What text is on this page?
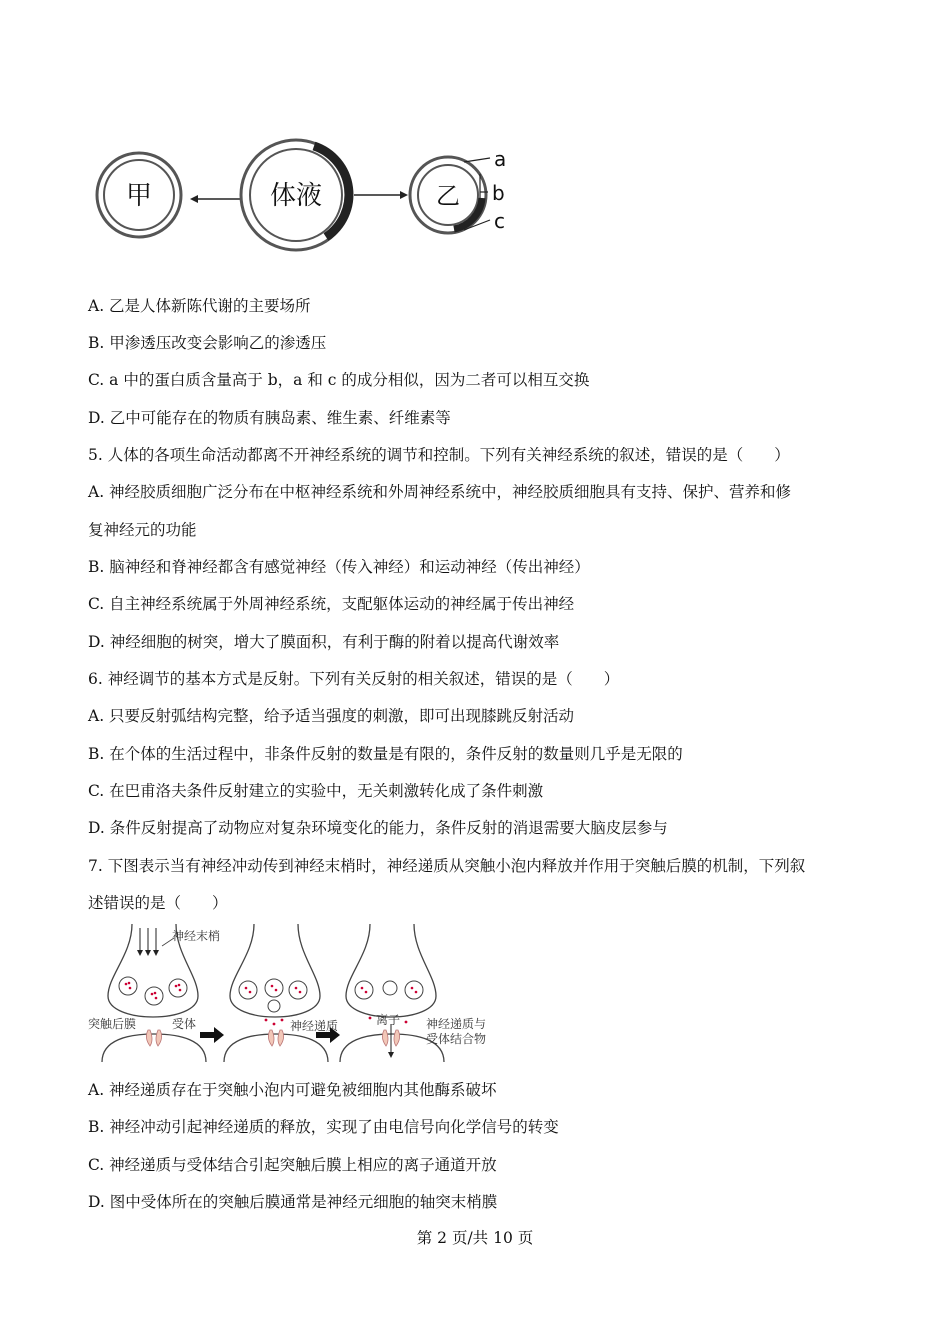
甲	体液	乙
a
b
c
A. 乙是人体新陈代谢的主要场所
B. 甲渗透压改变会影响乙的渗透压
C. a 中的蛋白质含量高于 b，a 和 c 的成分相似，因为二者可以相互交换
D. 乙中可能存在的物质有胰岛素、维生素、纤维素等
5. 人体的各项生命活动都离不开神经系统的调节和控制。下列有关神经系统的叙述，错误的是（　　）
A. 神经胶质细胞广泛分布在中枢神经系统和外周神经系统中，神经胶质细胞具有支持、保护、营养和修
复神经元的功能
B. 脑神经和脊神经都含有感觉神经（传入神经）和运动神经（传出神经）
C. 自主神经系统属于外周神经系统，支配躯体运动的神经属于传出神经
D. 神经细胞的树突，增大了膜面积，有利于酶的附着以提高代谢效率
6. 神经调节的基本方式是反射。下列有关反射的相关叙述，错误的是（　　）
A. 只要反射弧结构完整，给予适当强度的刺激，即可出现膝跳反射活动
B. 在个体的生活过程中，非条件反射的数量是有限的，条件反射的数量则几乎是无限的
C. 在巴甫洛夫条件反射建立的实验中，无关刺激转化成了条件刺激
D. 条件反射提高了动物应对复杂环境变化的能力，条件反射的消退需要大脑皮层参与
7. 下图表示当有神经冲动传到神经末梢时，神经递质从突触小泡内释放并作用于突触后膜的机制，下列叙
述错误的是（　　）
神经末梢
突触后膜	受体	神经递质	离子 神经递质与
受体结合物
A. 神经递质存在于突触小泡内可避免被细胞内其他酶系破坏
B. 神经冲动引起神经递质的释放，实现了由电信号向化学信号的转变
C. 神经递质与受体结合引起突触后膜上相应的离子通道开放
D. 图中受体所在的突触后膜通常是神经元细胞的轴突末梢膜
第 2 页/共 10 页
